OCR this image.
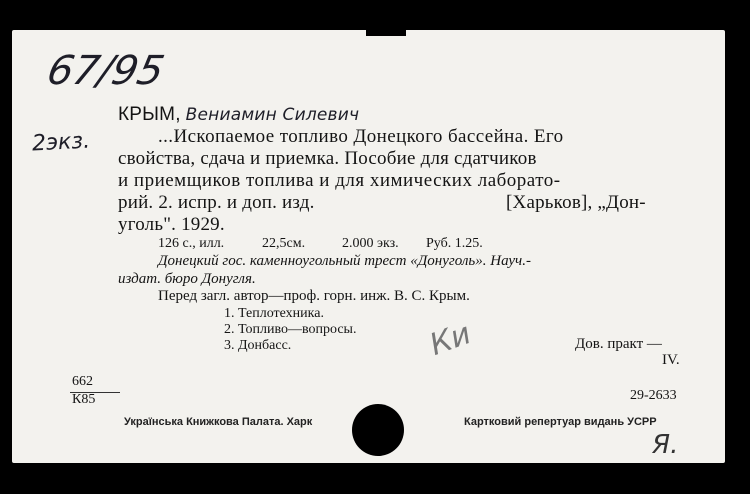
67/95
2экз.
КРЫМ, Вениамин Силевич
...Ископаемое топливо Донецкого бассейна. Его
свойства, сдача и приемка. Пособие для сдатчиков
и приемщиков топлива и для химических лаборато-
рий. 2. испр. и доп. изд.	[Харьков], „Дон-
уголь". 1929.
126 с., илл.	22,5см.	2.000 экз. Руб. 1.25.
Донецкий гос. каменноугольный трест «Донуголь». Науч.-
издат. бюро Донугля.
Перед загл. автор—проф. горн. инж. В. С. Крым.
1. Теплотехника.
2. Топливо—вопросы.
3. Донбасс.	Ки	Дов. практ —
IV.
662
К85	29-2633
Українська Книжкова Палата. Харк	Картковий репертуар видань УСРР
Я.
